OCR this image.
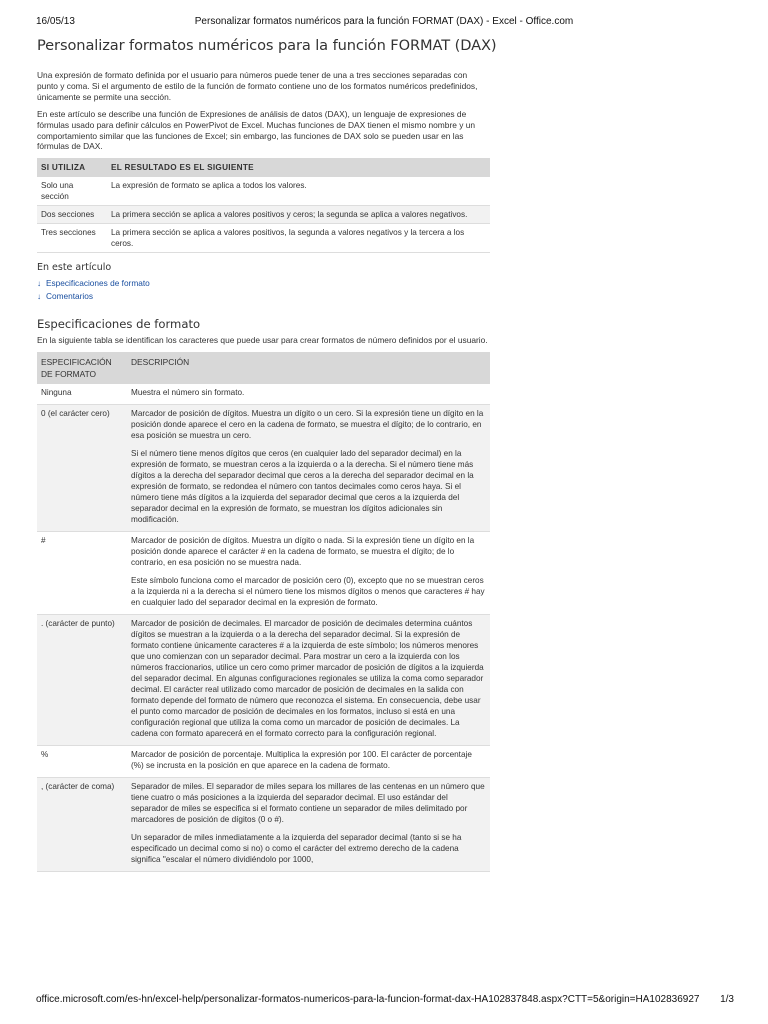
16/05/13	Personalizar formatos numéricos para la función FORMAT (DAX) - Excel - Office.com
Personalizar formatos numéricos para la función FORMAT (DAX)

Una expresión de formato definida por el usuario para números puede tener de una a tres secciones separadas con punto y coma. Si el argumento de estilo de la función de formato contiene uno de los formatos numéricos predefinidos, únicamente se permite una sección.

En este artículo se describe una función de Expresiones de análisis de datos (DAX), un lenguaje de expresiones de fórmulas usado para definir cálculos en PowerPivot de Excel. Muchas funciones de DAX tienen el mismo nombre y un comportamiento similar que las funciones de Excel; sin embargo, las funciones de DAX solo se pueden usar en las fórmulas de DAX.

SI UTILIZA	EL RESULTADO ES EL SIGUIENTE
Solo una sección	La expresión de formato se aplica a todos los valores.
Dos secciones	La primera sección se aplica a valores positivos y ceros; la segunda se aplica a valores negativos.
Tres secciones	La primera sección se aplica a valores positivos, la segunda a valores negativos y la tercera a los ceros.
En este artículo
↓ Especificaciones de formato
↓ Comentarios
Especificaciones de formato

En la siguiente tabla se identifican los caracteres que puede usar para crear formatos de número definidos por el usuario.

ESPECIFICACIÓN DE FORMATO	DESCRIPCIÓN
Ninguna	Muestra el número sin formato.

0 (el carácter cero)	Marcador de posición de dígitos. Muestra un dígito o un cero. Si la expresión tiene un dígito en la posición donde aparece el cero en la cadena de formato, se muestra el dígito; de lo contrario, en esa posición se muestra un cero.

Si el número tiene menos dígitos que ceros (en cualquier lado del separador decimal) en la expresión de formato, se muestran ceros a la izquierda o a la derecha. Si el número tiene más dígitos a la derecha del separador decimal que ceros a la derecha del separador decimal en la expresión de formato, se redondea el número con tantos decimales como ceros haya. Si el número tiene más dígitos a la izquierda del separador decimal que ceros a la izquierda del separador decimal en la expresión de formato, se muestran los dígitos adicionales sin modificación.

#	Marcador de posición de dígitos. Muestra un dígito o nada. Si la expresión tiene un dígito en la posición donde aparece el carácter # en la cadena de formato, se muestra el dígito; de lo contrario, en esa posición no se muestra nada.

Este símbolo funciona como el marcador de posición cero (0), excepto que no se muestran ceros a la izquierda ni a la derecha si el número tiene los mismos dígitos o menos que caracteres # hay en cualquier lado del separador decimal en la expresión de formato.

. (carácter de punto)	Marcador de posición de decimales. El marcador de posición de decimales determina cuántos dígitos se muestran a la izquierda o a la derecha del separador decimal. Si la expresión de formato contiene únicamente caracteres # a la izquierda de este símbolo; los números menores que uno comienzan con un separador decimal. Para mostrar un cero a la izquierda con los números fraccionarios, utilice un cero como primer marcador de posición de dígitos a la izquierda del separador decimal. En algunas configuraciones regionales se utiliza la coma como separador decimal. El carácter real utilizado como marcador de posición de decimales en la salida con formato depende del formato de número que reconozca el sistema. En consecuencia, debe usar el punto como marcador de posición de decimales en los formatos, incluso si está en una configuración regional que utiliza la coma como un marcador de posición de decimales. La cadena con formato aparecerá en el formato correcto para la configuración regional.

%	Marcador de posición de porcentaje. Multiplica la expresión por 100. El carácter de porcentaje (%) se incrusta en la posición en que aparece en la cadena de formato.

, (carácter de coma)	Separador de miles. El separador de miles separa los millares de las centenas en un número que tiene cuatro o más posiciones a la izquierda del separador decimal. El uso estándar del separador de miles se especifica si el formato contiene un separador de miles delimitado por marcadores de posición de dígitos (0 o #).

Un separador de miles inmediatamente a la izquierda del separador decimal (tanto si se ha especificado un decimal como si no) o como el carácter del extremo derecho de la cadena significa "escalar el número dividiéndolo por 1000,

office.microsoft.com/es-hn/excel-help/personalizar-formatos-numericos-para-la-funcion-format-dax-HA102837848.aspx?CTT=5&origin=HA102836927 1/3
